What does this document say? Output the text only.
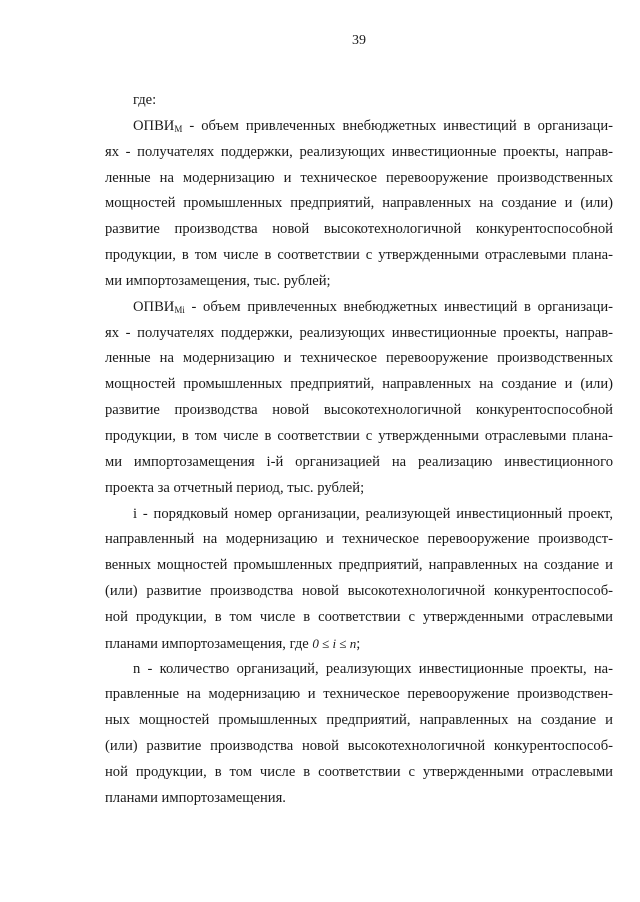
39
где:
$ОПВИ_М$ - объем привлеченных внебюджетных инвестиций в организаци-
ях - получателях поддержки, реализующих инвестиционные проекты, направ-
ленные на модернизацию и техническое перевооружение производственных
мощностей промышленных предприятий, направленных на создание и (или)
развитие производства новой высокотехнологичной конкурентоспособной
продукции, в том числе в соответствии с утвержденными отраслевыми плана-
ми импортозамещения, тыс. рублей;
$ОПВИ_{Mi}$ - объем привлеченных внебюджетных инвестиций в организаци-
ях - получателях поддержки, реализующих инвестиционные проекты, направ-
ленные на модернизацию и техническое перевооружение производственных
мощностей промышленных предприятий, направленных на создание и (или)
развитие производства новой высокотехнологичной конкурентоспособной
продукции, в том числе в соответствии с утвержденными отраслевыми плана-
ми импортозамещения i-й организацией на реализацию инвестиционного
проекта за отчетный период, тыс. рублей;
i - порядковый номер организации, реализующей инвестиционный проект,
направленный на модернизацию и техническое перевооружение производст-
венных мощностей промышленных предприятий, направленных на создание и
(или) развитие производства новой высокотехнологичной конкурентоспособ-
ной продукции, в том числе в соответствии с утвержденными отраслевыми
планами импортозамещения, где 0 ≤ i ≤ n;
n - количество организаций, реализующих инвестиционные проекты, на-
правленные на модернизацию и техническое перевооружение производствен-
ных мощностей промышленных предприятий, направленных на создание и
(или) развитие производства новой высокотехнологичной конкурентоспособ-
ной продукции, в том числе в соответствии с утвержденными отраслевыми
планами импортозамещения.
